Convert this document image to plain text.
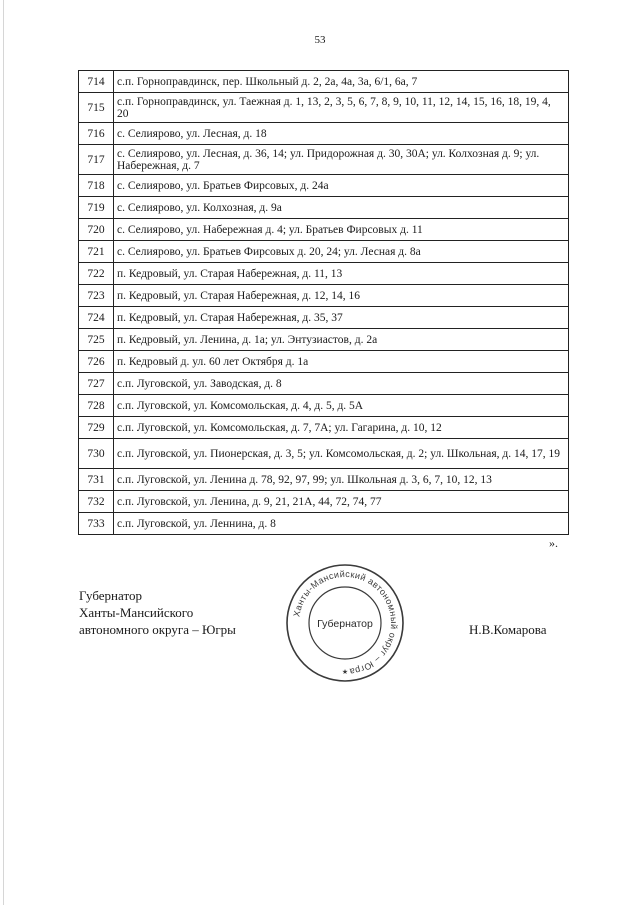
53
714	с.п. Горноправдинск, пер. Школьный д. 2, 2а, 4а, 3а, 6/1, 6а, 7
715	с.п. Горноправдинск, ул. Таежная д. 1, 13, 2, 3, 5, 6, 7, 8, 9, 10, 11, 12, 14, 15, 16, 18, 19, 4, 20
716	с. Селиярово, ул. Лесная, д. 18
717	с. Селиярово, ул. Лесная, д. 36, 14; ул. Придорожная д. 30, 30А; ул. Колхозная д. 9; ул. Набережная, д. 7
718	с. Селиярово, ул. Братьев Фирсовых, д. 24а
719	с. Селиярово, ул. Колхозная, д. 9а
720	с. Селиярово, ул. Набережная д. 4; ул. Братьев Фирсовых д. 11
721	с. Селиярово, ул. Братьев Фирсовых д. 20, 24; ул. Лесная д. 8а
722	п. Кедровый, ул. Старая Набережная, д. 11, 13
723	п. Кедровый, ул. Старая Набережная, д. 12, 14, 16
724	п. Кедровый, ул. Старая Набережная, д. 35, 37
725	п. Кедровый, ул. Ленина, д. 1а; ул. Энтузиастов, д. 2а
726	п. Кедровый д. ул. 60 лет Октября д. 1а
727	с.п. Луговской, ул. Заводская, д. 8
728	с.п. Луговской, ул. Комсомольская, д. 4, д. 5, д. 5А
729	с.п. Луговской, ул. Комсомольская, д. 7, 7А; ул. Гагарина, д. 10, 12
730	с.п. Луговской, ул. Пионерская, д. 3, 5; ул. Комсомольская, д. 2; ул. Школьная, д. 14, 17, 19
731	с.п. Луговской, ул. Ленина д. 78, 92, 97, 99; ул. Школьная д. 3, 6, 7, 10, 12, 13
732	с.п. Луговской, ул. Ленина, д. 9, 21, 21А, 44, 72, 74, 77
733	с.п. Луговской, ул. Леннина, д. 8
».
Губернатор
Ханты-Мансийского
автономного округа – Югры	Н.В.Комарова
Ханты-Мансийский автономный округ – Югра
Губернатор
★
